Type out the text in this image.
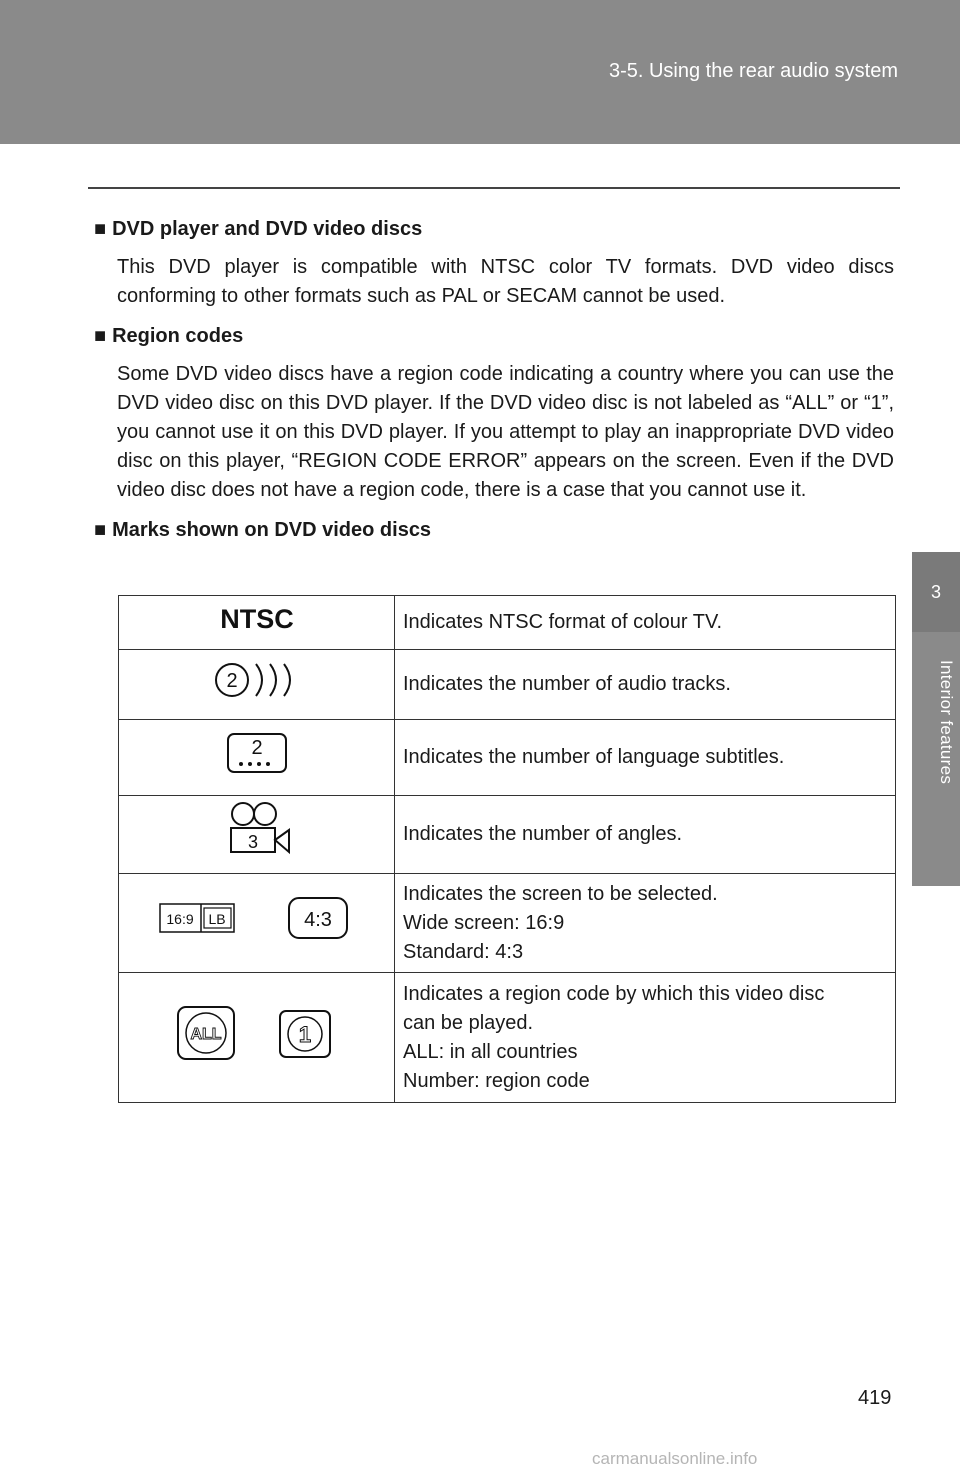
3-5. Using the rear audio system
3
Interior features

■ DVD player and DVD video discs

This DVD player is compatible with NTSC color TV formats. DVD video discs conforming to other formats such as PAL or SECAM cannot be used.

■ Region codes

Some DVD video discs have a region code indicating a country where you can use the DVD video disc on this DVD player. If the DVD video disc is not labeled as “ALL” or “1”, you cannot use it on this DVD player. If you attempt to play an inappropriate DVD video disc on this player, “REGION CODE ERROR” appears on the screen. Even if the DVD video disc does not have a region code, there is a case that you cannot use it.

■ Marks shown on DVD video discs

NTSC	Indicates NTSC format of colour TV.

2	Indicates the number of audio tracks.

2	Indicates the number of language subtitles.

3	Indicates the number of angles.

16:9 LB 4:3	Indicates the screen to be selected.
Wide screen: 16:9
Standard: 4:3

ALL 1	Indicates a region code by which this video disc
can be played.
ALL: in all countries
Number: region code
419
carmanualsonline.info
